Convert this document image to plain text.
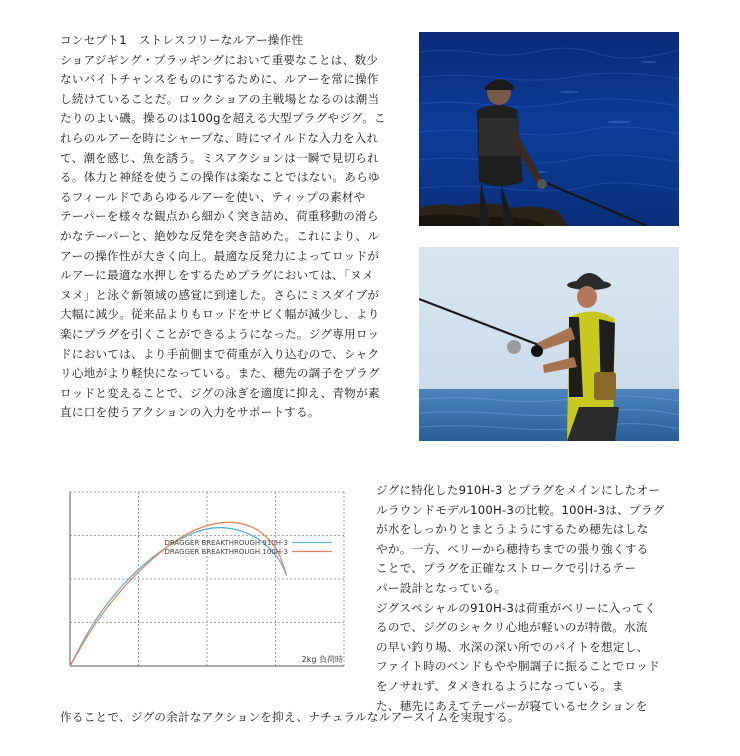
コンセプト1　ストレスフリーなルアー操作性
ショアジギング・プラッギングにおいて重要なことは、数少
ないバイトチャンスをものにするために、ルアーを常に操作
し続けていることだ。ロックショアの主戦場となるのは潮当
たりのよい磯。操るのは100gを超える大型プラグやジグ。こ
れらのルアーを時にシャープな、時にマイルドな入力を入れ
て、潮を感じ、魚を誘う。ミスアクションは一瞬で見切られ
る。体力と神経を使うこの操作は楽なことではない。あらゆ
るフィールドであらゆるルアーを使い、ティップの素材や
テーパーを様々な観点から細かく突き詰め、荷重移動の滑ら
かなテーパーと、絶妙な反発を突き詰めた。これにより、ル
アーの操作性が大きく向上。最適な反発力によってロッドが
ルアーに最適な水押しをするためプラグにおいては、「ヌメ
ヌメ」と泳ぐ新領域の感覚に到達した。さらにミスダイブが
大幅に減少。従来品よりもロッドをサビく幅が減少し、より
楽にプラグを引くことができるようになった。ジグ専用ロッ
ドにおいては、より手前側まで荷重が入り込むので、シャク
リ心地がより軽快になっている。また、穂先の調子をプラグ
ロッドと変えることで、ジグの泳ぎを適度に抑え、青物が素
直に口を使うアクションの入力をサポートする。
DRAGGER BREAKTHROUGH 910H-3
DRAGGER BREAKTHROUGH 100H-3
2kg 負荷時
ジグに特化した910H-3 とプラグをメインにしたオー
ルラウンドモデル100H-3の比較。100H-3は、プラグ
が水をしっかりとまとうようにするため穂先はしな
やか。一方、ベリーから穂持ちまでの張り強くする
ことで、プラグを正確なストロークで引けるテー
パー設計となっている。
ジグスペシャルの910H-3は荷重がベリーに入ってく
るので、ジグのシャクリ心地が軽いのが特徴。水流
の早い釣り場、水深の深い所でのバイトを想定し、
ファイト時のベンドもやや胴調子に振ることでロッド
をノサれず、タメきれるようになっている。ま
た、穂先にあえてテーパーが寝ているセクションを
作ることで、ジグの余計なアクションを抑え、ナチュラルなルアースイムを実現する。
